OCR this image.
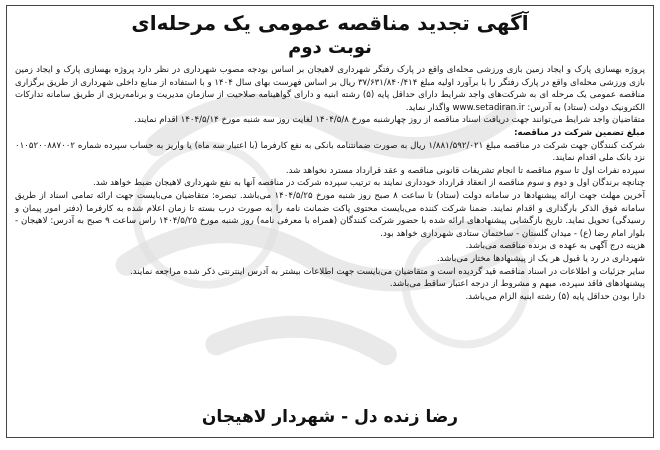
آگهی تجدید مناقصه عمومی یک مرحله‌ای
نوبت دوم

پروژه بهسازی پارک و ایجاد زمین بازی ورزشی محله‌ای واقع در پارک رفتگر شهرداری لاهیجان بر اساس بودجه مصوب شهرداری در نظر دارد پروژه بهسازی پارک و ایجاد زمین بازی ورزشی محله‌ای واقع در پارک رفتگر را با برآورد اولیه مبلغ ۳۷/۶۳۱/۸۴۰/۴۱۴ ریال بر اساس فهرست بهای سال ۱۴۰۴ و با استفاده از منابع داخلی شهرداری از طریق برگزاری مناقصه عمومی یک مرحله ای به شرکت‌های واجد شرایط دارای حداقل پایه (۵) رشته ابنیه و دارای گواهینامه صلاحیت از سازمان مدیریت و برنامه‌ریزی از طریق سامانه تدارکات الکترونیک دولت (ستاد) به آدرس: www.setadiran.ir واگذار نماید.

متقاضیان واجد شرایط می‌توانند جهت دریافت اسناد مناقصه از روز چهارشنبه مورخ ۱۴۰۴/۵/۸ لغایت روز سه شنبه مورخ ۱۴۰۴/۵/۱۴ اقدام نمایند.

مبلغ تضمین شرکت در مناقصه:

شرکت کنندگان جهت شرکت در مناقصه مبلغ ۱/۸۸۱/۵۹۲/۰۲۱ ریال به صورت ضمانتنامه بانکی به نفع کارفرما (با اعتبار سه ماه) یا واریز به حساب سپرده شماره ۰۱۰۵۲۰۰۸۸۷۰۰۲ نزد بانک ملی اقدام نمایند.

سپرده نفرات اول تا سوم مناقصه تا انجام تشریفات قانونی مناقصه و عقد قرارداد مسترد نخواهد شد.

چنانچه برندگان اول و دوم و سوم مناقصه از انعقاد قرارداد خودداری نمایند به ترتیب سپرده شرکت در مناقصه آنها به نفع شهرداری لاهیجان ضبط خواهد شد.

آخرین مهلت جهت ارائه پیشنهادها در سامانه دولت (ستاد) تا ساعت ۸ صبح روز شنبه مورخ ۱۴۰۴/۵/۲۵ می‌باشد. تبصره: متقاضیان می‌بایست جهت ارائه تمامی اسناد از طریق سامانه فوق الذکر بارگذاری و اقدام نمایند. ضمنا شرکت کننده می‌بایست محتوی پاکت ضمانت نامه را به صورت درب بسته تا زمان اعلام شده به کارفرما (دفتر امور پیمان و رسیدگی) تحویل نماید. تاریخ بازگشایی پیشنهادهای ارائه شده با حضور شرکت کنندگان (همراه با معرفی نامه) روز شنبه مورخ ۱۴۰۴/۵/۲۵ راس ساعت ۹ صبح به آدرس: لاهیجان - بلوار امام رضا (ع) - میدان گلستان - ساختمان ستادی شهرداری خواهد بود.

هزینه درج آگهی به عهده ی برنده مناقصه می‌باشد.

شهرداری در رد یا قبول هر یک از پیشنهادها مختار می‌باشد.

سایر جزئیات و اطلاعات در اسناد مناقصه قید گردیده است و متقاضیان می‌بایست جهت اطلاعات بیشتر به آدرس اینترنتی ذکر شده مراجعه نمایند.

پیشنهادهای فاقد سپرده، مبهم و مشروط از درجه اعتبار ساقط می‌باشد.

دارا بودن حداقل پایه (۵) رشته ابنیه الزام می‌باشد.

رضا زنده دل - شهردار لاهیجان
